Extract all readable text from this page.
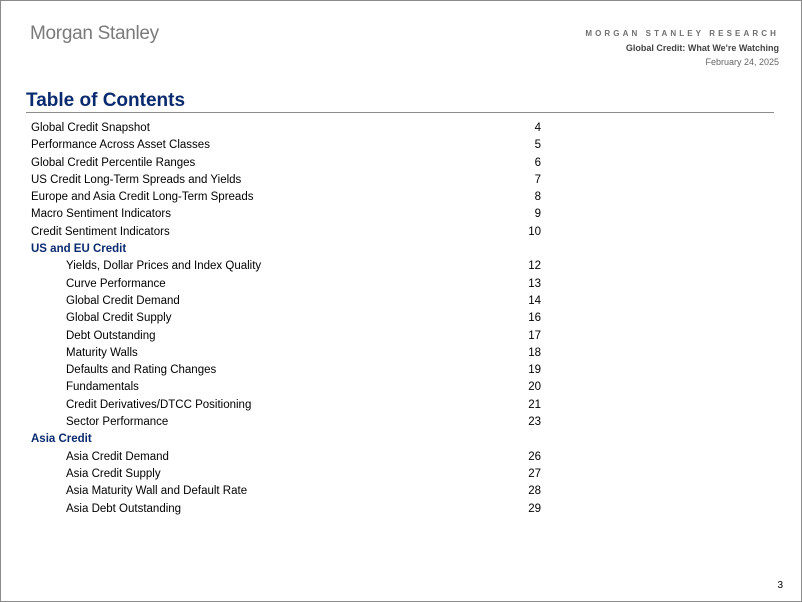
Morgan Stanley	MORGAN STANLEY RESEARCH
Global Credit: What We're Watching
February 24, 2025
Table of Contents
Global Credit Snapshot	4
Performance Across Asset Classes	5
Global Credit Percentile Ranges	6
US Credit Long-Term Spreads and Yields	7
Europe and Asia Credit Long-Term Spreads	8
Macro Sentiment Indicators	9
Credit Sentiment Indicators	10
US and EU Credit
Yields, Dollar Prices and Index Quality	12
Curve Performance	13
Global Credit Demand	14
Global Credit Supply	16
Debt Outstanding	17
Maturity Walls	18
Defaults and Rating Changes	19
Fundamentals	20
Credit Derivatives/DTCC Positioning	21
Sector Performance	23
Asia Credit
Asia Credit Demand	26
Asia Credit Supply	27
Asia Maturity Wall and Default Rate	28
Asia Debt Outstanding	29
3
